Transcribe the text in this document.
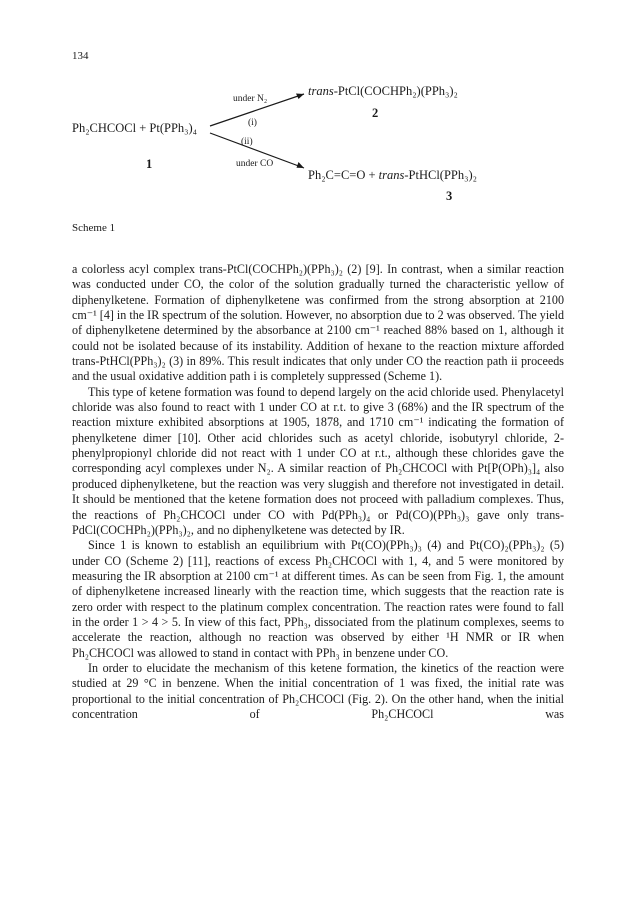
134
Ph₂CHCOCl + Pt(PPh₃)₄
1
under N₂
(i)
(ii)
under CO
trans-PtCl(COCHPh₂)(PPh₃)₂
2
Ph₂C=C=O + trans-PtHCl(PPh₃)₂
3
Scheme 1

a colorless acyl complex trans-PtCl(COCHPh₂)(PPh₃)₂ (2) [9]. In contrast, when a similar reaction was conducted under CO, the color of the solution gradually turned the characteristic yellow of diphenylketene. Formation of diphenylketene was confirmed from the strong absorption at 2100 cm⁻¹ [4] in the IR spectrum of the solution. However, no absorption due to 2 was observed. The yield of diphenylketene determined by the absorbance at 2100 cm⁻¹ reached 88% based on 1, although it could not be isolated because of its instability. Addition of hexane to the reaction mixture afforded trans-PtHCl(PPh₃)₂ (3) in 89%. This result indicates that only under CO the reaction path ii proceeds and the usual oxidative addition path i is completely suppressed (Scheme 1).

This type of ketene formation was found to depend largely on the acid chloride used. Phenylacetyl chloride was also found to react with 1 under CO at r.t. to give 3 (68%) and the IR spectrum of the reaction mixture exhibited absorptions at 1905, 1878, and 1710 cm⁻¹ indicating the formation of phenylketene dimer [10]. Other acid chlorides such as acetyl chloride, isobutyryl chloride, 2-phenylpropionyl chloride did not react with 1 under CO at r.t., although these chlorides gave the corresponding acyl complexes under N₂. A similar reaction of Ph₂CHCOCl with Pt[P(OPh)₃]₄ also produced diphenylketene, but the reaction was very sluggish and therefore not investigated in detail. It should be mentioned that the ketene formation does not proceed with palladium complexes. Thus, the reactions of Ph₂CHCOCl under CO with Pd(PPh₃)₄ or Pd(CO)(PPh₃)₃ gave only trans-PdCl(COCHPh₂)(PPh₃)₂, and no diphenylketene was detected by IR.

Since 1 is known to establish an equilibrium with Pt(CO)(PPh₃)₃ (4) and Pt(CO)₂(PPh₃)₂ (5) under CO (Scheme 2) [11], reactions of excess Ph₂CHCOCl with 1, 4, and 5 were monitored by measuring the IR absorption at 2100 cm⁻¹ at different times. As can be seen from Fig. 1, the amount of diphenylketene increased linearly with the reaction time, which suggests that the reaction rate is zero order with respect to the platinum complex concentration. The reaction rates were found to fall in the order 1 > 4 > 5. In view of this fact, PPh₃, dissociated from the platinum complexes, seems to accelerate the reaction, although no reaction was observed by either ¹H NMR or IR when Ph₂CHCOCl was allowed to stand in contact with PPh₃ in benzene under CO.

In order to elucidate the mechanism of this ketene formation, the kinetics of the reaction were studied at 29 °C in benzene. When the initial concentration of 1 was fixed, the initial rate was proportional to the initial concentration of Ph₂CHCOCl (Fig. 2). On the other hand, when the initial concentration of Ph₂CHCOCl was
